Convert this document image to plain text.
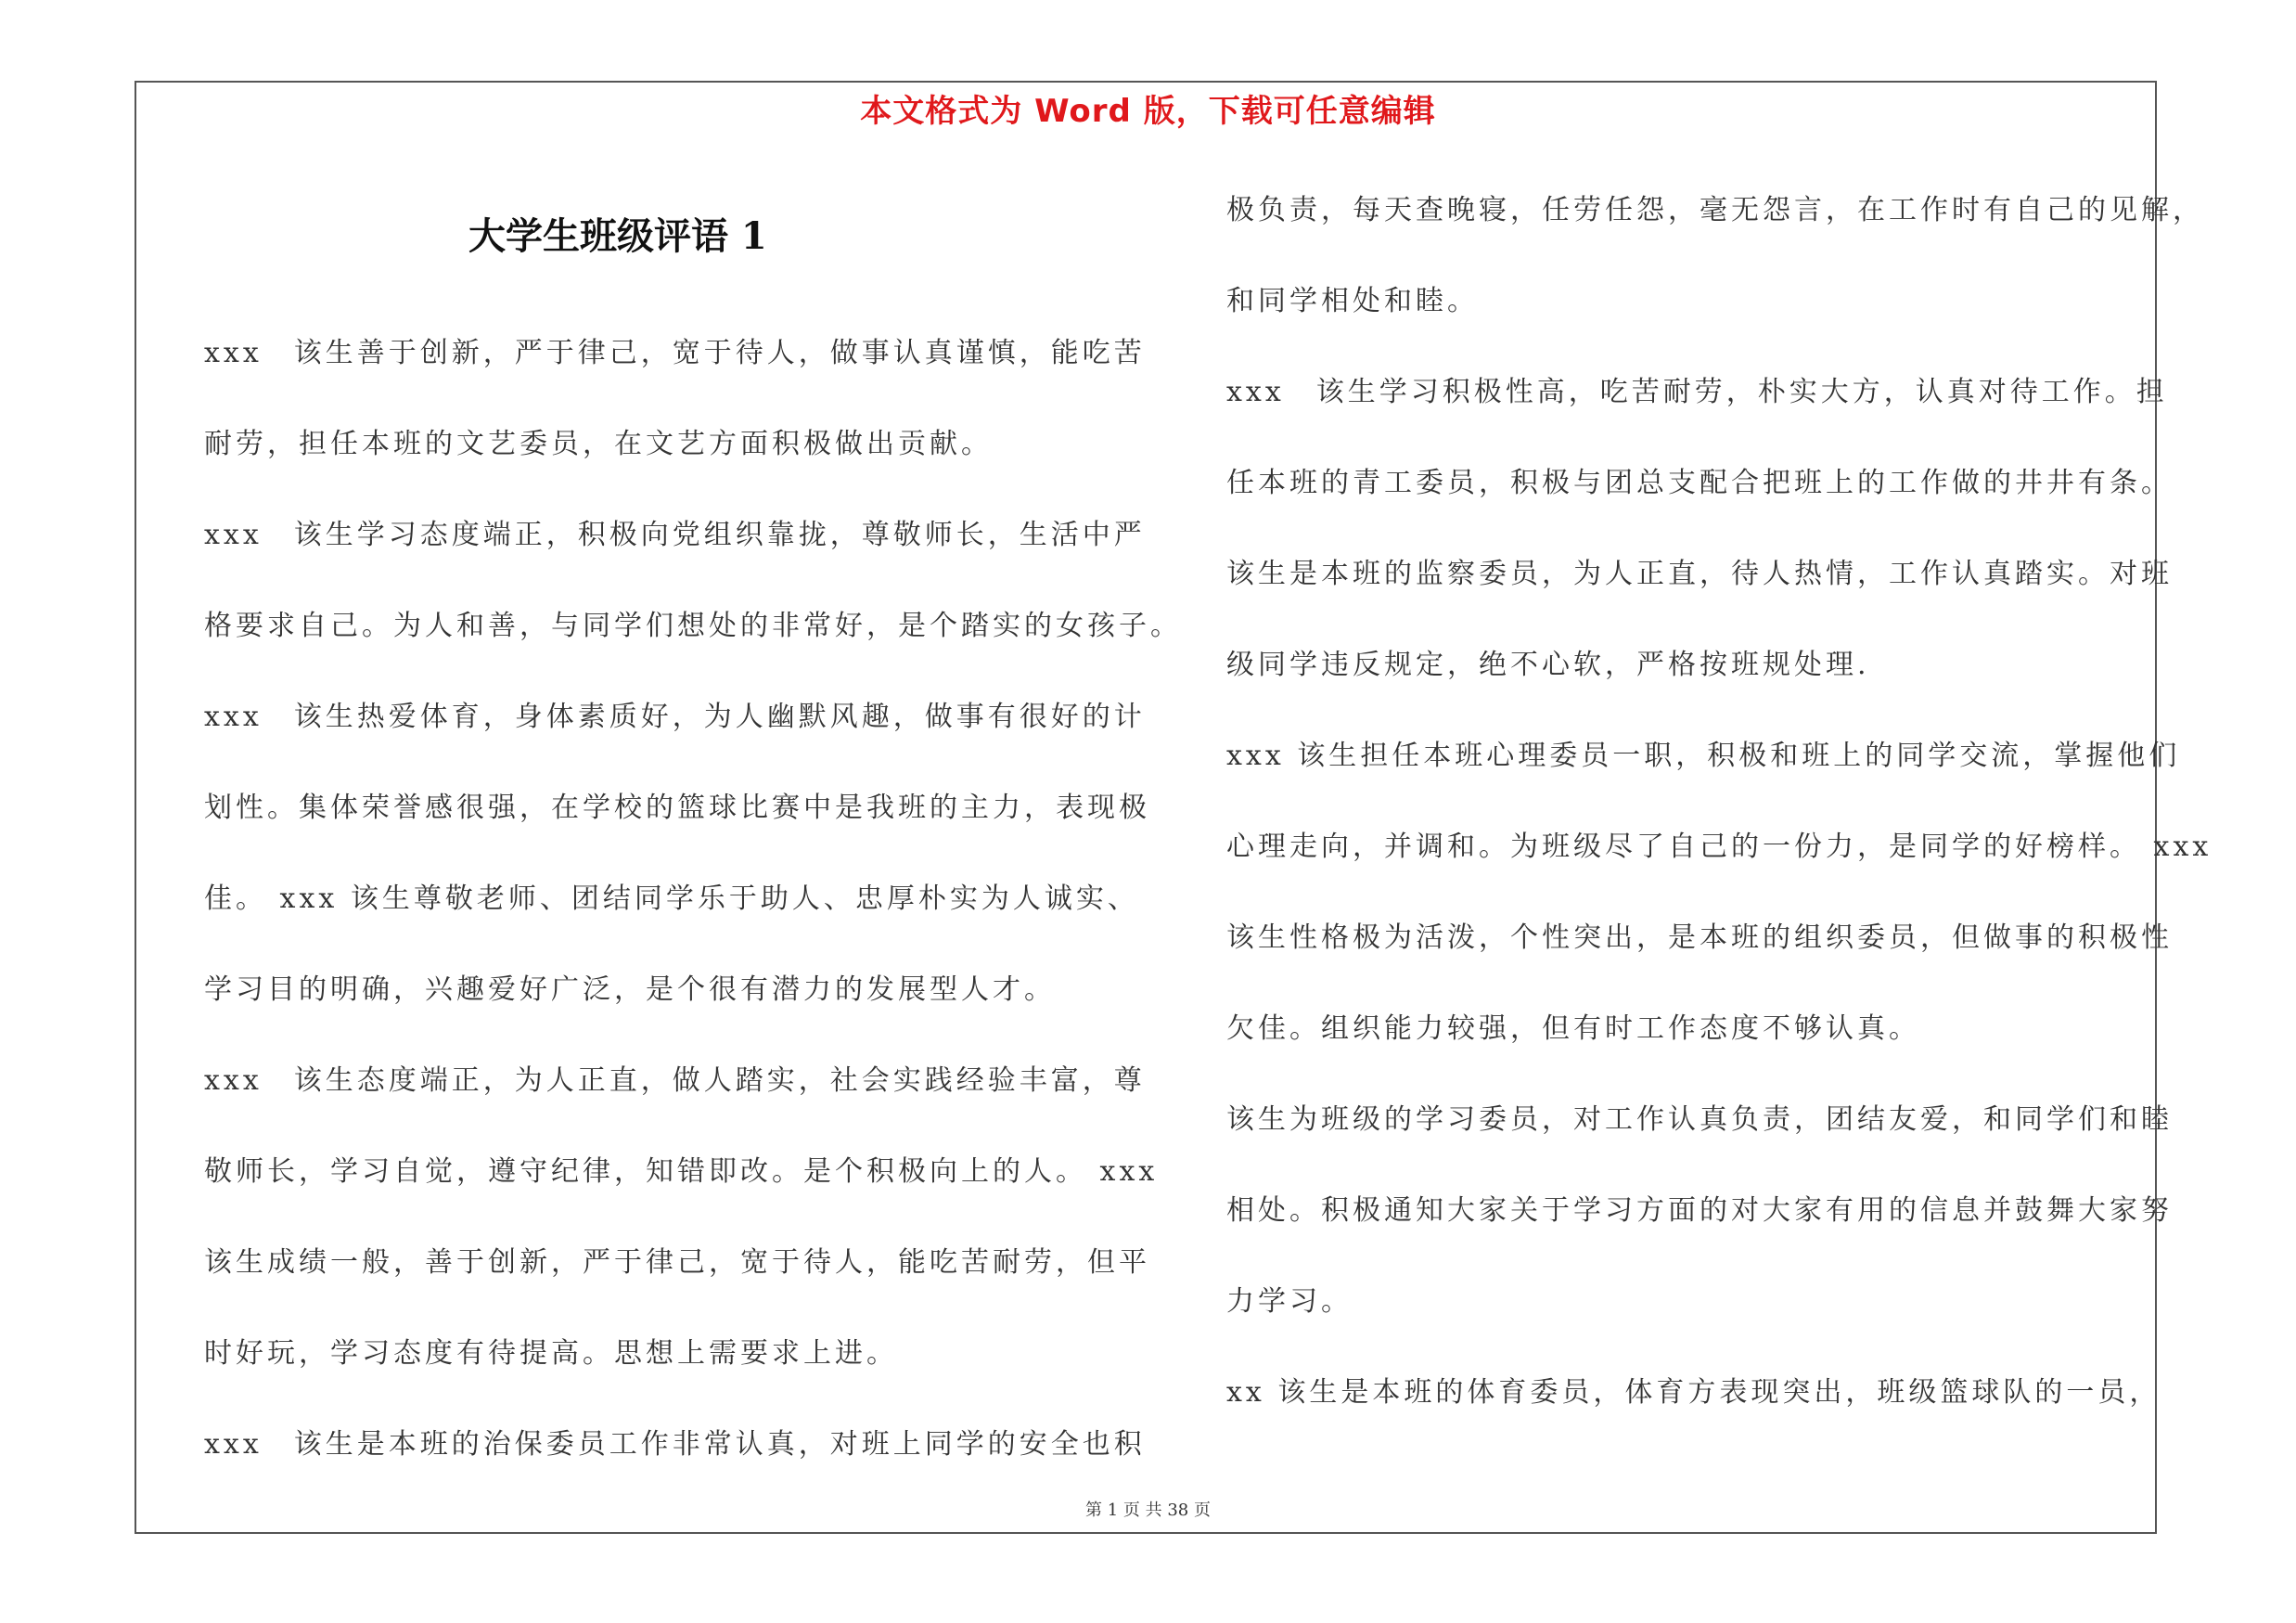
本文格式为 Word 版，下载可任意编辑
大学生班级评语 1
xxx　该生善于创新，严于律己，宽于待人，做事认真谨慎，能吃苦
耐劳，担任本班的文艺委员，在文艺方面积极做出贡献。
xxx　该生学习态度端正，积极向党组织靠拢，尊敬师长，生活中严
格要求自己。为人和善，与同学们想处的非常好，是个踏实的女孩子。
xxx　该生热爱体育，身体素质好，为人幽默风趣，做事有很好的计
划性。集体荣誉感很强，在学校的篮球比赛中是我班的主力，表现极
佳。 xxx 该生尊敬老师、团结同学乐于助人、忠厚朴实为人诚实、
学习目的明确，兴趣爱好广泛，是个很有潜力的发展型人才。
xxx　该生态度端正，为人正直，做人踏实，社会实践经验丰富，尊
敬师长，学习自觉，遵守纪律，知错即改。是个积极向上的人。 xxx
该生成绩一般，善于创新，严于律己，宽于待人，能吃苦耐劳，但平
时好玩，学习态度有待提高。思想上需要求上进。
xxx　该生是本班的治保委员工作非常认真，对班上同学的安全也积
极负责，每天查晚寝，任劳任怨，毫无怨言，在工作时有自己的见解，
和同学相处和睦。
xxx　该生学习积极性高，吃苦耐劳，朴实大方，认真对待工作。担
任本班的青工委员，积极与团总支配合把班上的工作做的井井有条。
该生是本班的监察委员，为人正直，待人热情，工作认真踏实。对班
级同学违反规定，绝不心软，严格按班规处理.
xxx 该生担任本班心理委员一职，积极和班上的同学交流，掌握他们
心理走向，并调和。为班级尽了自己的一份力，是同学的好榜样。 xxx
该生性格极为活泼，个性突出，是本班的组织委员，但做事的积极性
欠佳。组织能力较强，但有时工作态度不够认真。
该生为班级的学习委员，对工作认真负责，团结友爱，和同学们和睦
相处。积极通知大家关于学习方面的对大家有用的信息并鼓舞大家努
力学习。
xx 该生是本班的体育委员，体育方表现突出，班级篮球队的一员，
第 1 页 共 38 页
